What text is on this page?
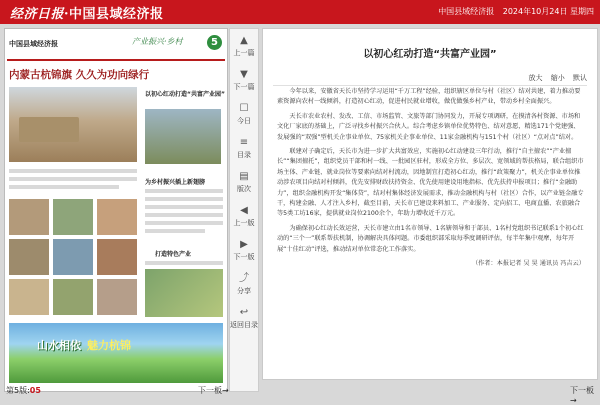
经济日报·中国县域经济报	中国县域经济报 2024年10月24日 星期四
中国县域经济报	产业振兴·乡村	5
内蒙古杭锦旗 久久为功向绿行
以初心红动打造“共富产业园”
为乡村振兴插上新翅膀
打造特色产业
山水相依 魅力杭锦
第5版:05	下一板→
▲
上一篇
▼
下一篇
☐
今日
≡
目录
▤
版次
◀
上一版
▶
下一版
⤴
分享
↩
返回目录
以初心红动打造“共富产业园”
放大 缩小 默认

今年以来，安徽省天长市坚持学习运用“千万工程”经验，组织辖区单位与村（社区）结对共建，着力推动要素资源向农村一线倾斜，打造初心红动，促进村民就业增收，做优做强乡村产业，带动乡村全面振兴。

天长市农业农村、发改、工信、市场监管、文旅等部门协同发力，开展专项调研，在摸清各村资源、市场和文化厂家底的基础上，广泛寻找乡村振兴合伙人。综合考虑乡镇单位优势特色、结对意愿，精选171个党建强、发展强的“双强”型机关企事业单位、75家机关企事业单位、11家金融机构与151个村（社区）“点对点”结对。

联建对子确定后，天长市为进一步扩大共富效应，实施初心红动建设三年行动，推行“自主擅农”“产业擅长”“集团擅托”，组织党员干部和村一线、一批园区驻村，形成全方位、多层次、宽领域的帮扶格局，联合组织市场主体、产业链、就业岗位等要素向结对村流动，因地制宜打造初心红动，推行“政策聚力”，机关企事业单位推动涉农项目向结对村倾斜，优先安排财政扶持资金、优先使用建设用地指标、优先扶持申报项目；推行“金融助力”，组织金融机构开发“集体贷”，结对村集体经济发展需求，推动金融机构与村（社区）合作，以产业链金融专干，构建金融、人才注入乡村，截至目前，天长市已建设来料加工、产业服务、定向招工、电商直播、农旅融合等5类工坊16家，提供就业岗位2100余个，年助力增收近千万元。

为确保初心红动长效运营，天长市建立由1名市领导、1名辖领导和于部员、1名村党组织书记联系1个初心红动的“三个一”联系帮扶机制，协调解决具体问题。市委组织部采取每季度调研评估，每半年集中观摩，每年开展“十佳红动”评选，推动结对单位常态化工作落实。

（作者：本报记者 吴 昊 通讯员 冯吉云）

下一板→
